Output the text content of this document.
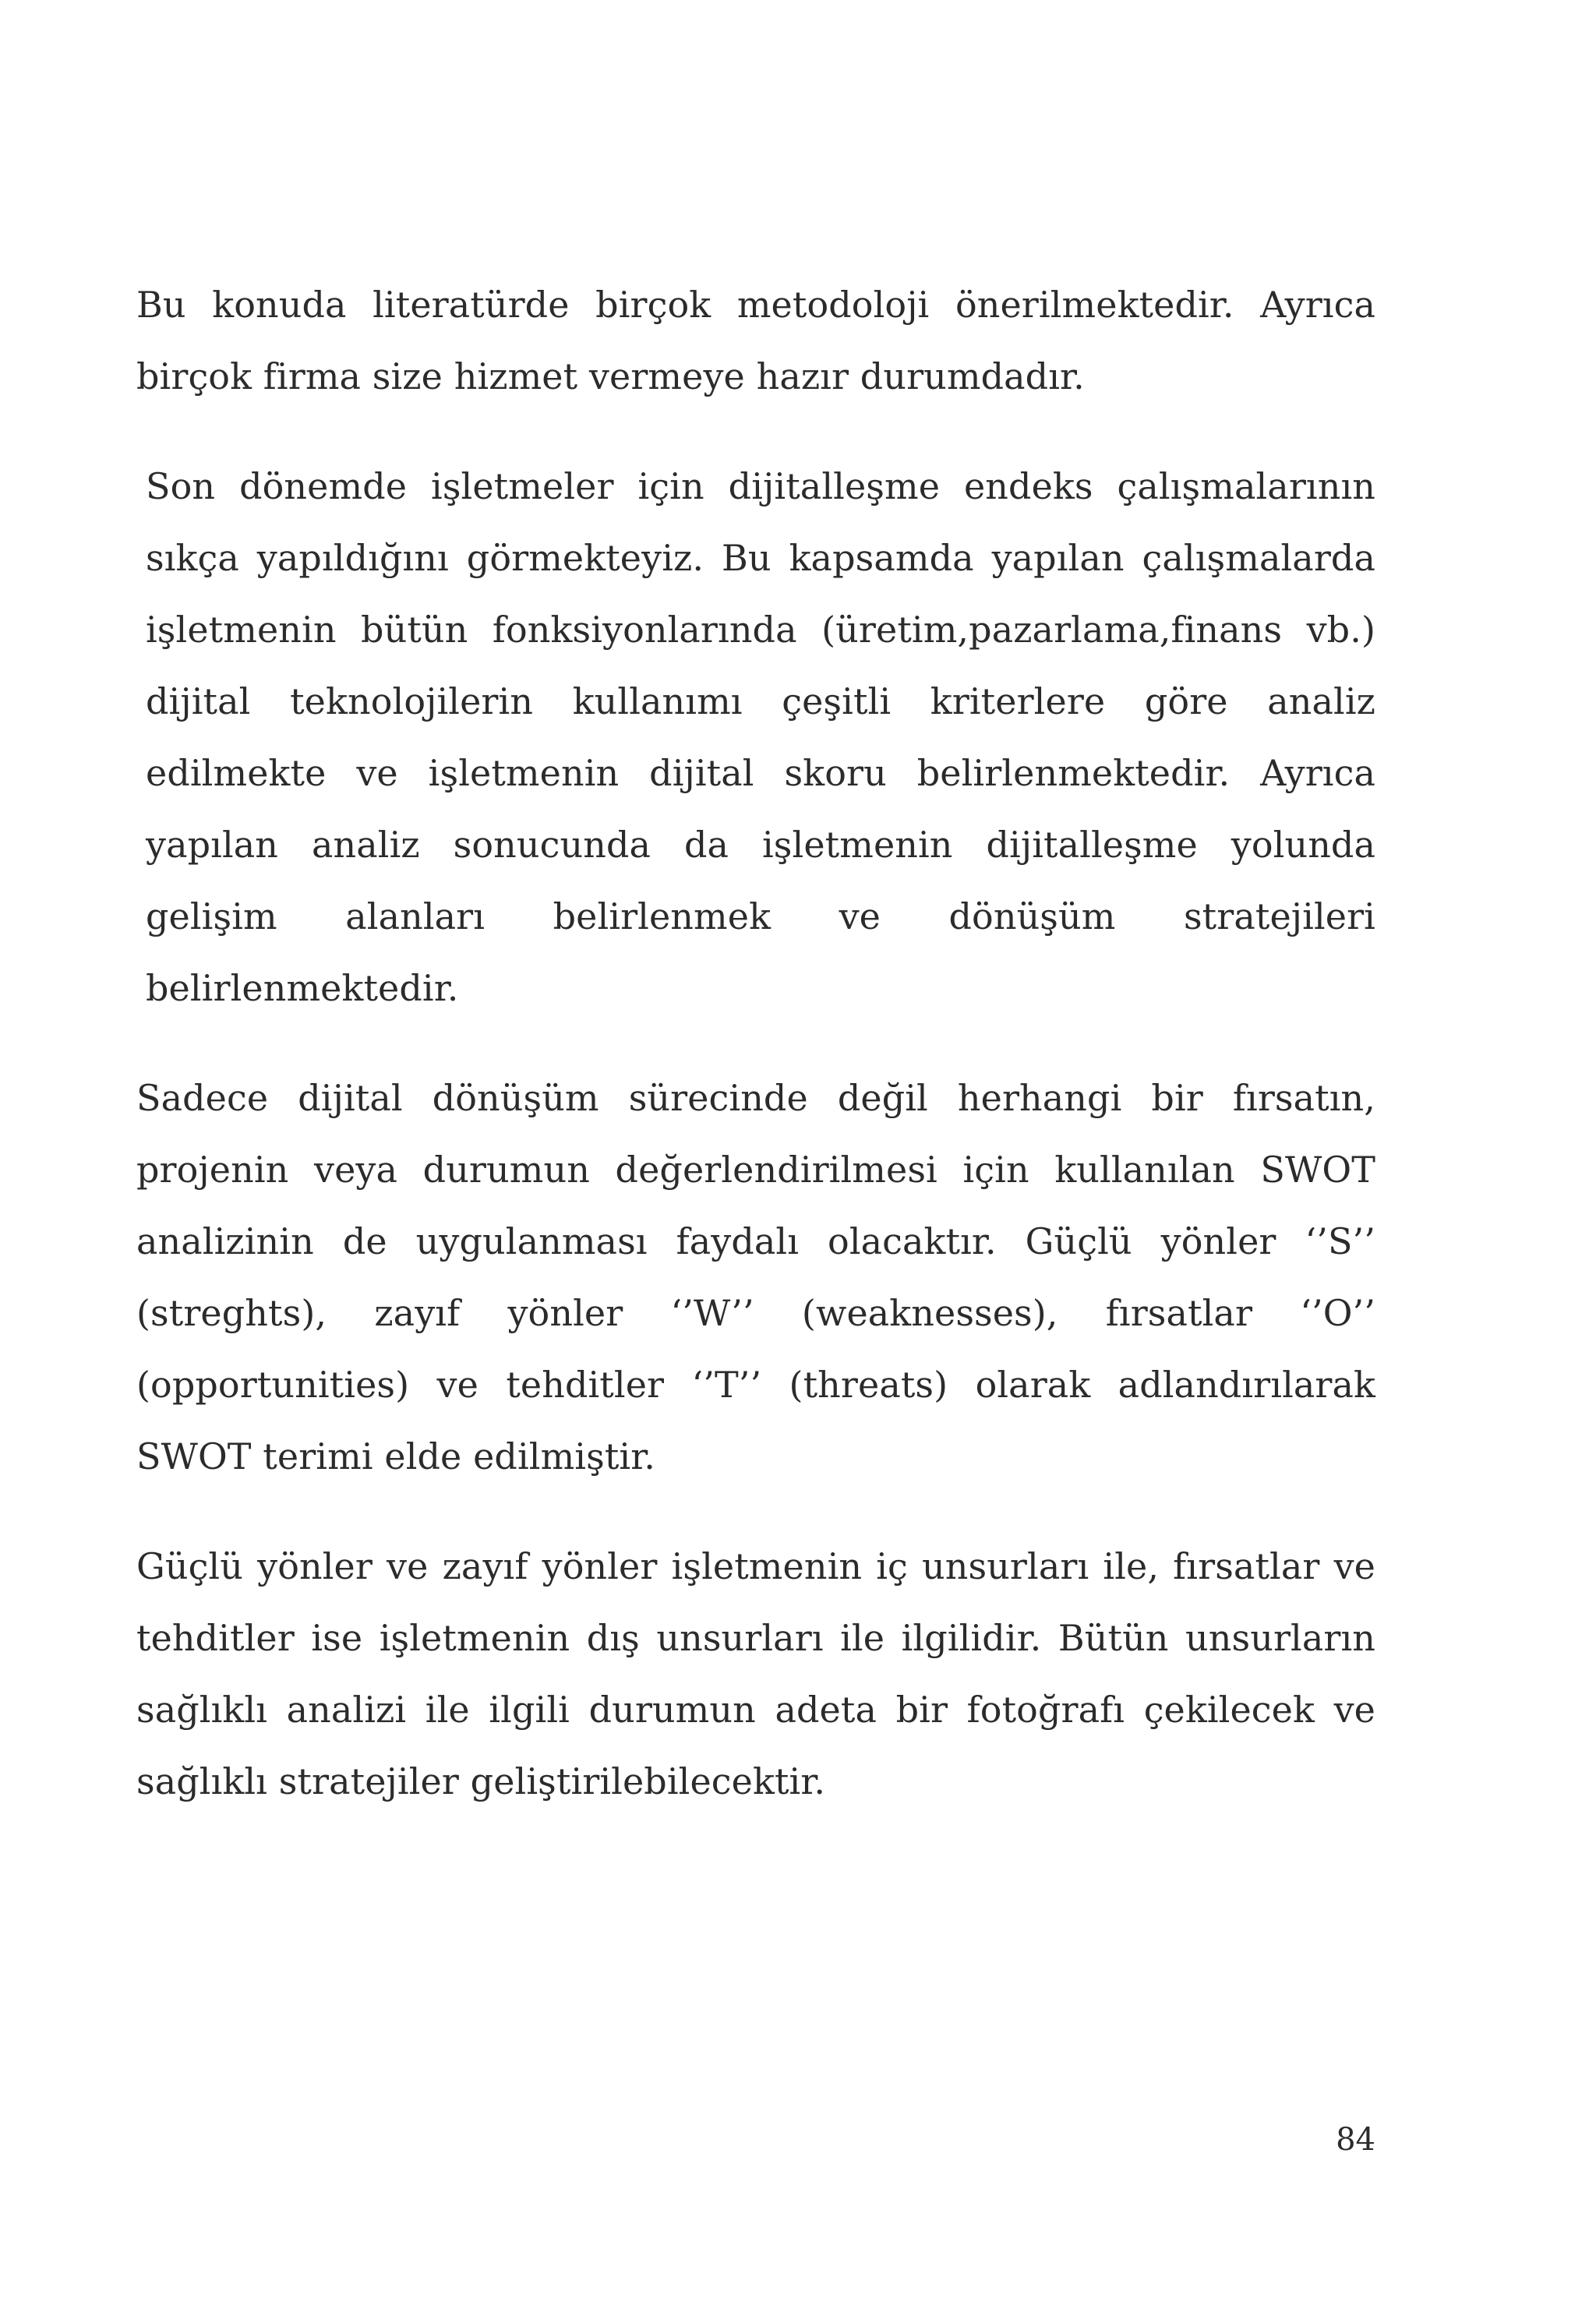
Bu konuda literatürde birçok metodoloji önerilmektedir. Ayrıca birçok firma size hizmet vermeye hazır durumdadır.

Son dönemde işletmeler için dijitalleşme endeks çalışmalarının sıkça yapıldığını görmekteyiz. Bu kapsamda yapılan çalışmalarda işletmenin bütün fonksiyonlarında (üretim,pazarlama,finans vb.) dijital teknolojilerin kullanımı çeşitli kriterlere göre analiz edilmekte ve işletmenin dijital skoru belirlenmektedir. Ayrıca yapılan analiz sonucunda da işletmenin dijitalleşme yolunda gelişim alanları belirlenmek ve dönüşüm stratejileri belirlenmektedir.

Sadece dijital dönüşüm sürecinde değil herhangi bir fırsatın, projenin veya durumun değerlendirilmesi için kullanılan SWOT analizinin de uygulanması faydalı olacaktır. Güçlü yönler ‘’S’’ (streghts), zayıf yönler ‘’W’’ (weaknesses), fırsatlar ‘’O’’ (opportunities) ve tehditler ‘’T’’ (threats) olarak adlandırılarak SWOT terimi elde edilmiştir.

Güçlü yönler ve zayıf yönler işletmenin iç unsurları ile, fırsatlar ve tehditler ise işletmenin dış unsurları ile ilgilidir. Bütün unsurların sağlıklı analizi ile ilgili durumun adeta bir fotoğrafı çekilecek ve sağlıklı stratejiler geliştirilebilecektir.

84
